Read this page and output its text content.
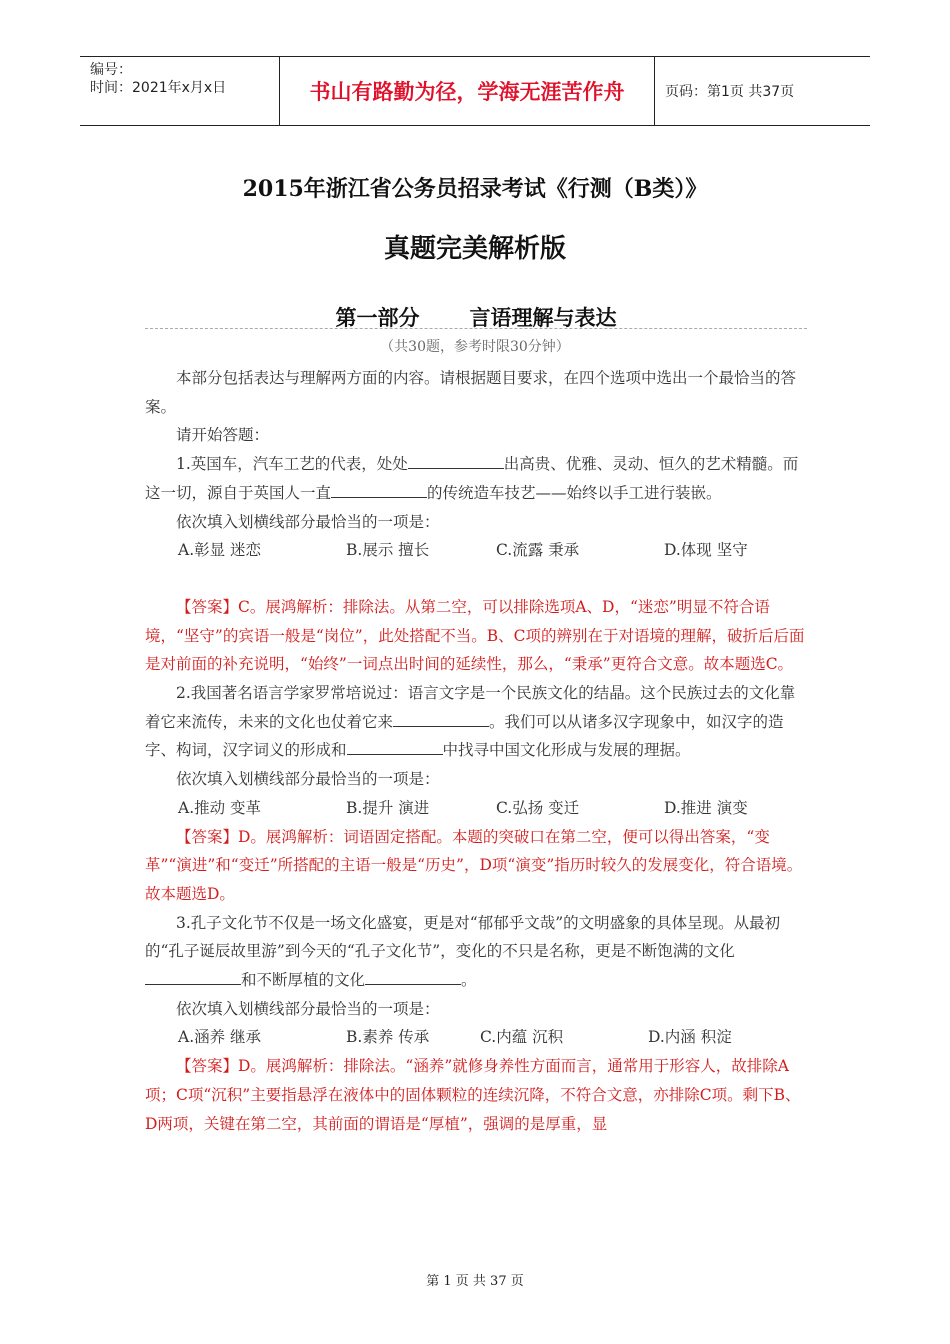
编号：
时间：2021年x月x日	书山有路勤为径，学海无涯苦作舟	页码：第1页 共37页
2015年浙江省公务员招录考试《行测（B类）》
真题完美解析版
第一部分 言语理解与表达
（共30题，参考时限30分钟）

本部分包括表达与理解两方面的内容。请根据题目要求，在四个选项中选出一个最恰当的答案。

请开始答题：

1.英国车，汽车工艺的代表，处处	出高贵、优雅、灵动、恒久的艺术精髓。而这一切，源自于英国人一直	的传统造车技艺——始终以手工进行装嵌。

依次填入划横线部分最恰当的一项是：

A.彰显 迷恋	B.展示 擅长	C.流露 秉承	D.体现 坚守

【答案】C。展鸿解析：排除法。从第二空，可以排除选项A、D，“迷恋”明显不符合语境，“坚守”的宾语一般是“岗位”，此处搭配不当。B、C项的辨别在于对语境的理解，破折后后面是对前面的补充说明，“始终”一词点出时间的延续性，那么，“秉承”更符合文意。故本题选C。

2.我国著名语言学家罗常培说过：语言文字是一个民族文化的结晶。这个民族过去的文化靠着它来流传，未来的文化也仗着它来	。我们可以从诸多汉字现象中，如汉字的造字、构词，汉字词义的形成和	中找寻中国文化形成与发展的理据。

依次填入划横线部分最恰当的一项是：

A.推动 变革	B.提升 演进	C.弘扬 变迁	D.推进 演变

【答案】D。展鸿解析：词语固定搭配。本题的突破口在第二空，便可以得出答案，“变革”“演进”和“变迁”所搭配的主语一般是“历史”，D项“演变”指历时较久的发展变化，符合语境。故本题选D。

3.孔子文化节不仅是一场文化盛宴，更是对“郁郁乎文哉”的文明盛象的具体呈现。从最初的“孔子诞辰故里游”到今天的“孔子文化节”，变化的不只是名称，更是不断饱满的文化和不断厚植的文化	。

依次填入划横线部分最恰当的一项是：

A.涵养 继承	B.素养 传承	C.内蕴 沉积	D.内涵 积淀

【答案】D。展鸿解析：排除法。“涵养”就修身养性方面而言，通常用于形容人，故排除A项；C项“沉积”主要指悬浮在液体中的固体颗粒的连续沉降，不符合文意，亦排除C项。剩下B、D两项，关键在第二空，其前面的谓语是“厚植”，强调的是厚重，显

第 1 页 共 37 页
